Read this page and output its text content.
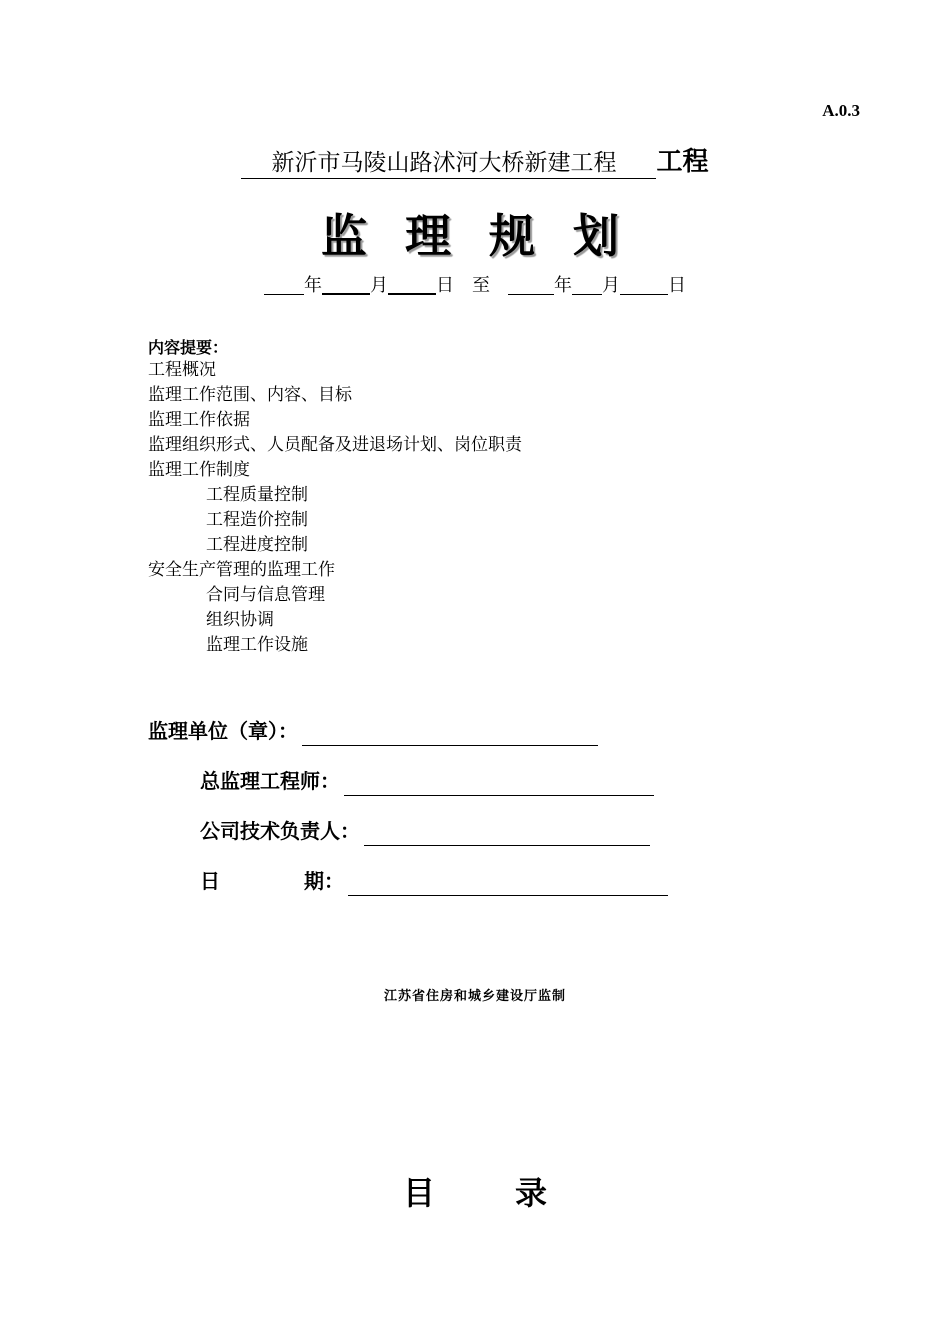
A.0.3
新沂市马陵山路沭河大桥新建工程 工程
监理规划
年	月	日 至	年 月	日
内容提要：
工程概况
监理工作范围、内容、目标
监理工作依据
监理组织形式、人员配备及进退场计划、岗位职责
监理工作制度
工程质量控制
工程造价控制
工程进度控制
安全生产管理的监理工作
合同与信息管理
组织协调
监理工作设施
监理单位（章）：
总监理工程师：
公司技术负责人：
日	期：
江苏省住房和城乡建设厅监制
目录
